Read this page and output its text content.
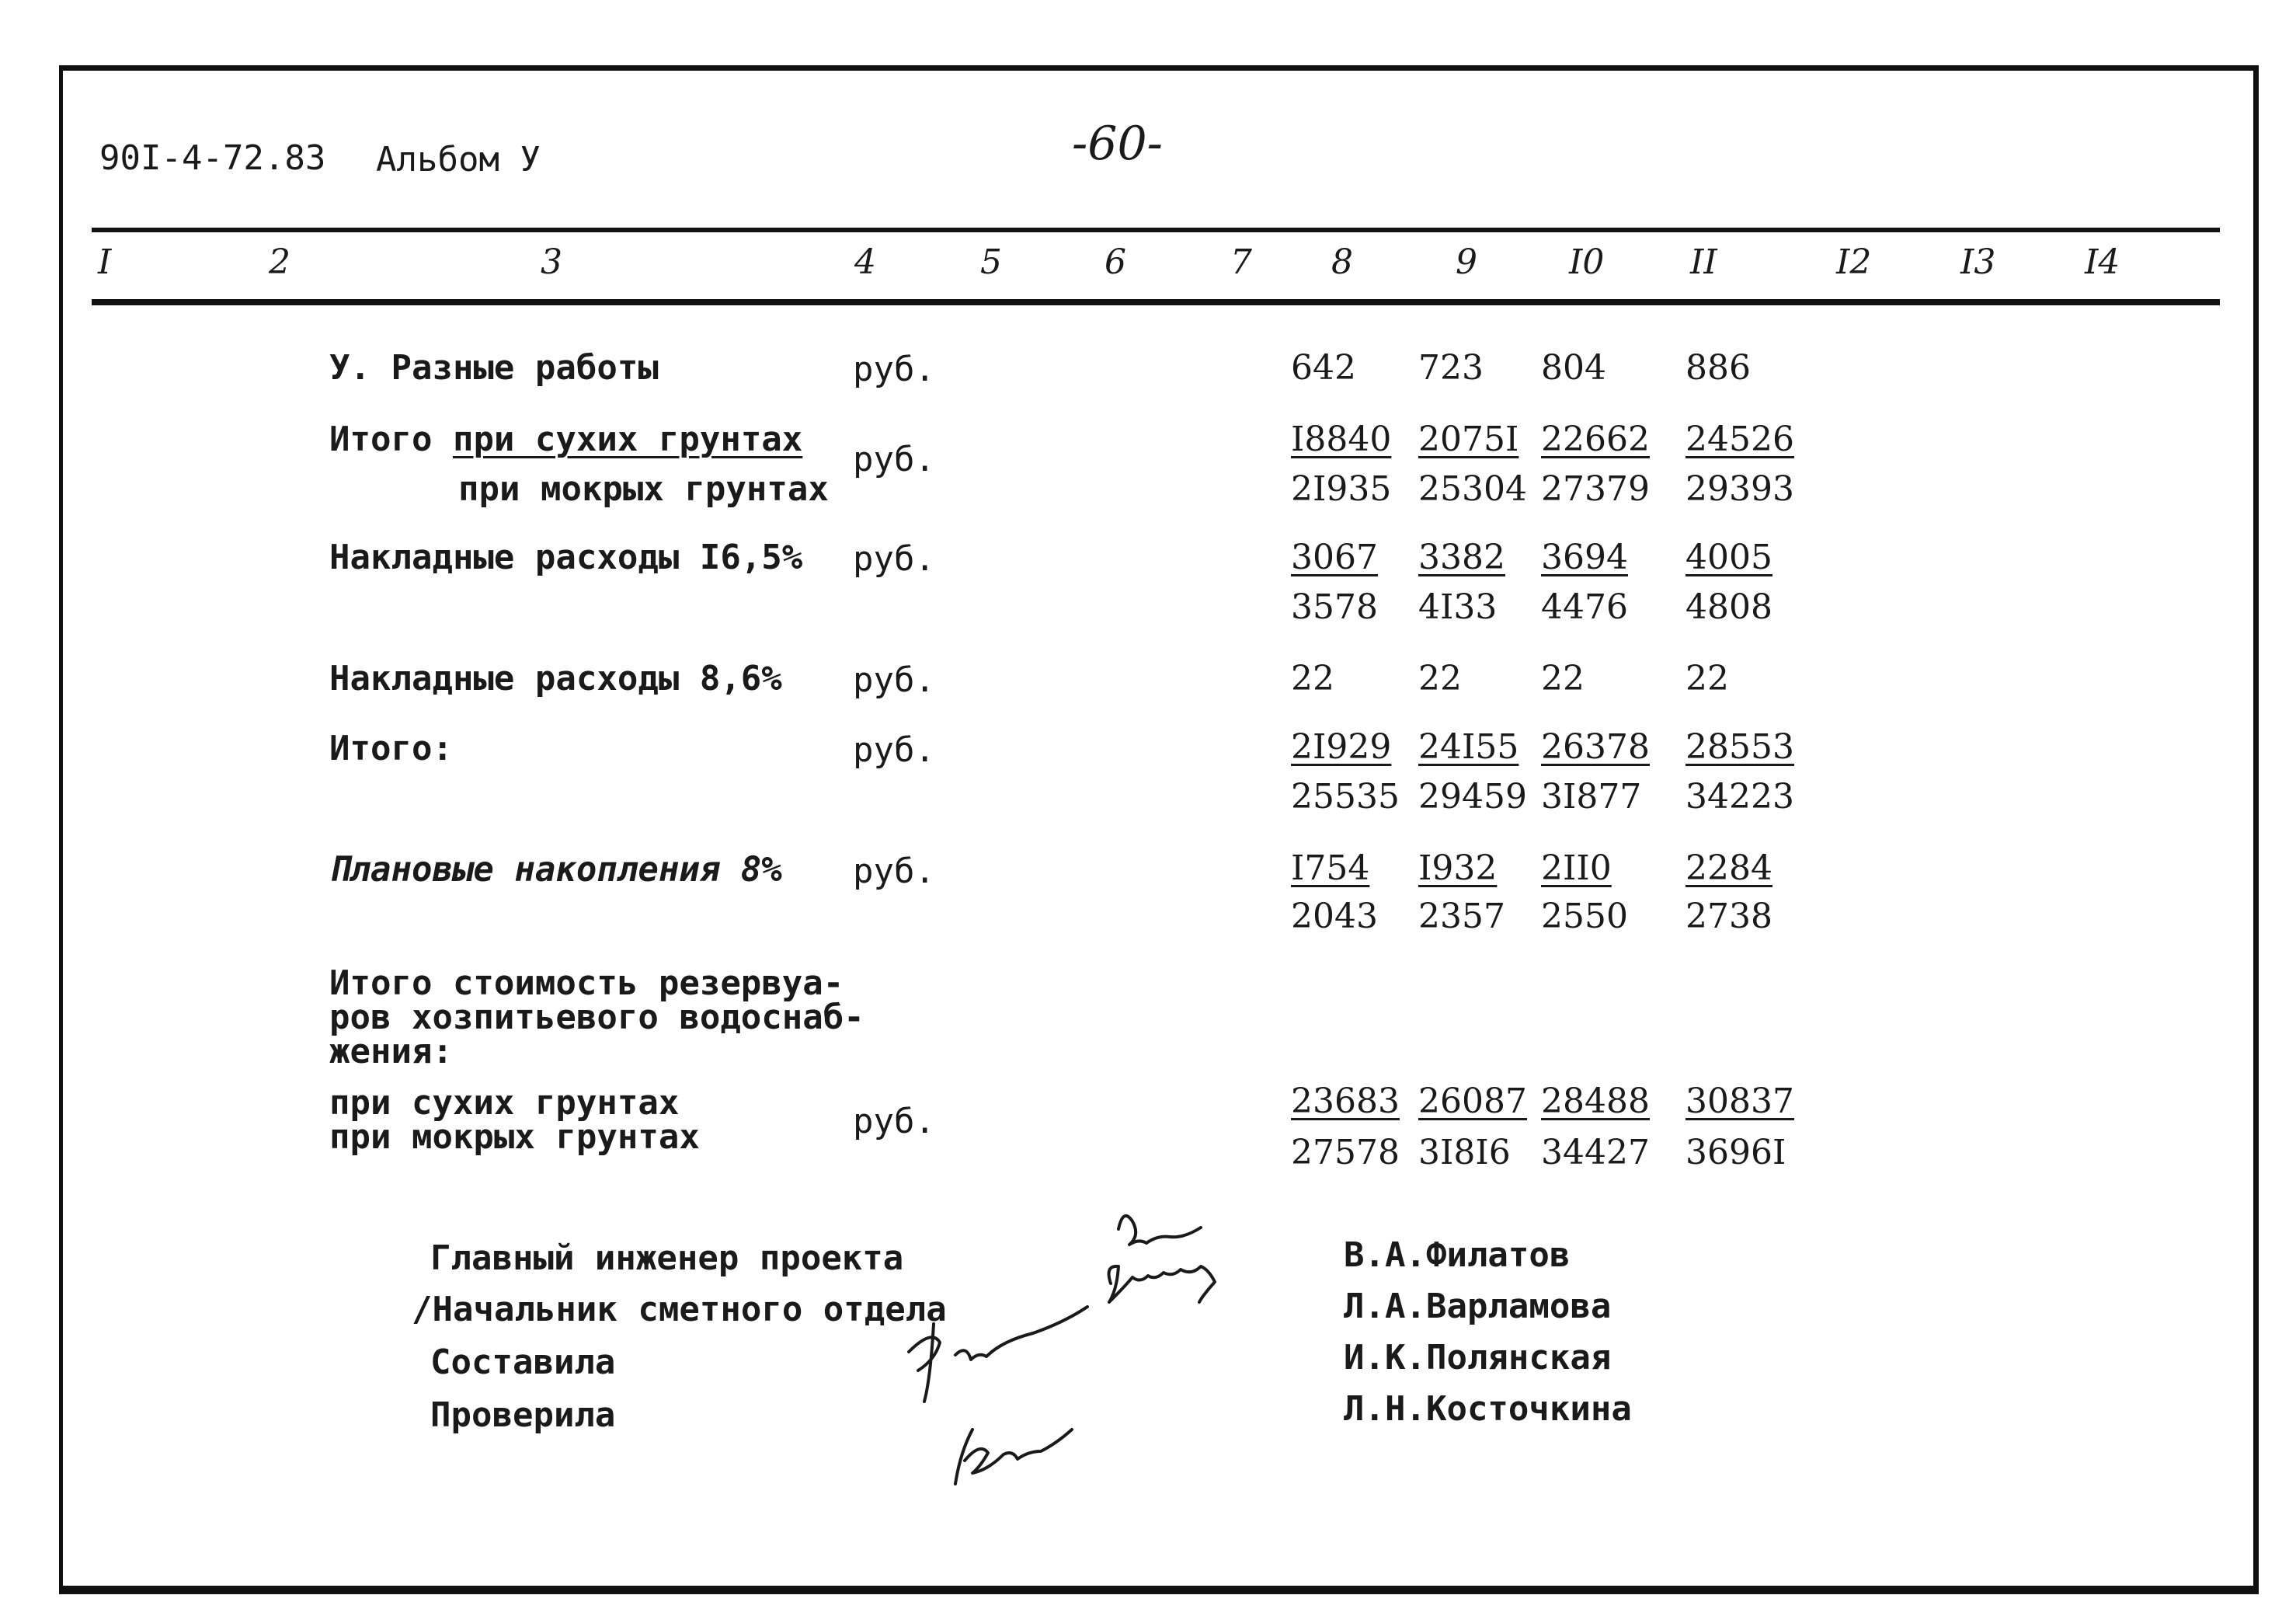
90I-4-72.83 Альбом У	-60-
I	2	3	4	5	6	7 8	9	I0	II	I2	I3	I4
У. Разные работы	руб.	642 723 804 886
Итого при сухих грунтах
при мокрых грунтах
руб.
I8840 2075I 22662 24526
2I935 25304 27379 29393
Накладные расходы I6,5% руб.	3067 3382 3694 4005
3578 4I33 4476 4808
Накладные расходы 8,6% руб.	22 22 22	22
Итого:	руб.	2I929 24I55 26378 28553
25535 29459 3I877 34223
Плановые накопления 8% руб.	I754 I932 2II0 2284
2043 2357 2550 2738
Итого стоимость резервуа-
ров хозпитьевого водоснаб-
жения:
при сухих грунтах
при мокрых грунтах	руб.
23683 26087 28488 30837
27578 3I8I6 34427 3696I
Главный инженер проекта
/Начальник сметного отдела
Составила
Проверила
В.А.Филатов
Л.А.Варламова
И.К.Полянская
Л.Н.Косточкина
